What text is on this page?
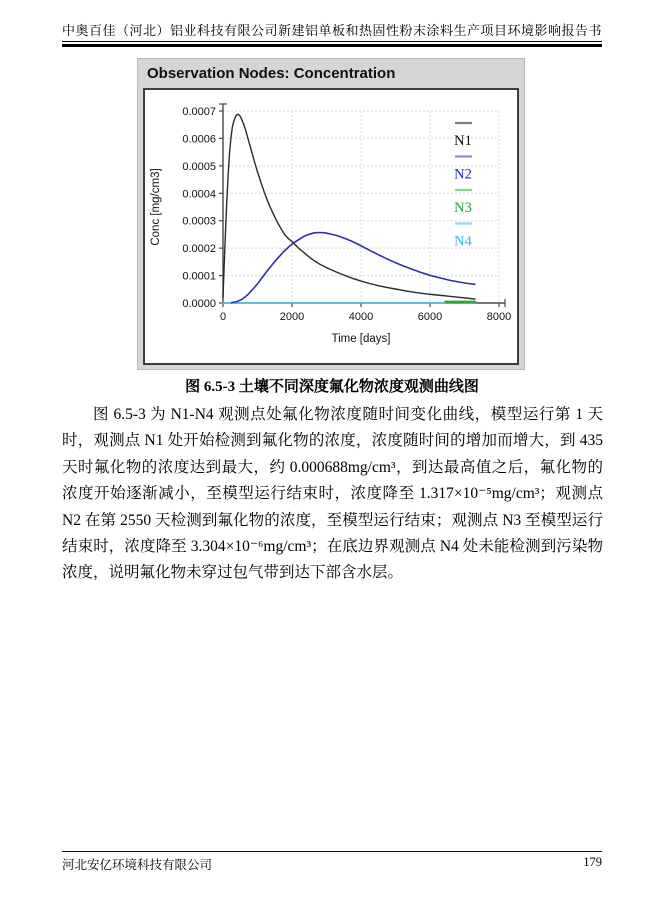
中奥百佳（河北）铝业科技有限公司新建铝单板和热固性粉末涂料生产项目环境影响报告书
Observation Nodes: Concentration
0.0000
0.0001
0.0002
0.0003
0.0004
0.0005
0.0006
0.0007
0	2000	4000	6000	8000
Time [days]
Conc [mg/cm3]
N1
N2
N3
N4
图 6.5-3 土壤不同深度氟化物浓度观测曲线图
图 6.5-3 为 N1-N4 观测点处氟化物浓度随时间变化曲线，模型运行第 1 天时，观测点 N1 处开始检测到氟化物的浓度，浓度随时间的增加而增大，到 435 天时氟化物的浓度达到最大，约 0.000688mg/cm³，到达最高值之后，氟化物的浓度开始逐渐减小，至模型运行结束时，浓度降至 1.317×10⁻⁵mg/cm³；观测点 N2 在第 2550 天检测到氟化物的浓度，至模型运行结束；观测点 N3 至模型运行结束时，浓度降至 3.304×10⁻⁶mg/cm³；在底边界观测点 N4 处未能检测到污染物浓度，说明氟化物未穿过包气带到达下部含水层。
河北安亿环境科技有限公司	179
